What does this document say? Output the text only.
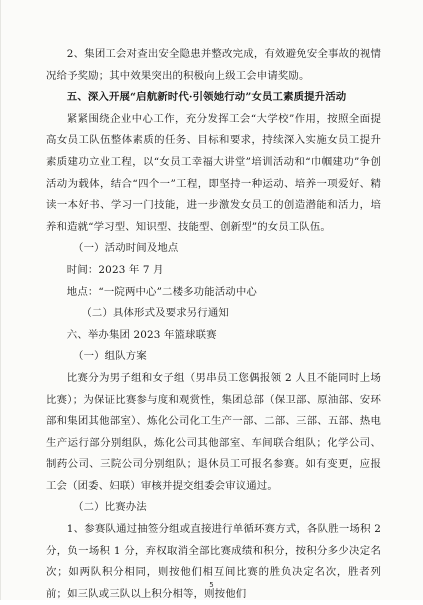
2、集团工会对查出安全隐患并整改完成，有效避免安全事故的视情况给予奖励；其中效果突出的积极向上级工会申请奖励。

五、深入开展“启航新时代·引领她行动”女员工素质提升活动

紧紧围绕企业中心工作，充分发挥工会“大学校”作用，按照全面提高女员工队伍整体素质的任务、目标和要求，持续深入实施女员工提升素质建功立业工程，以“女员工幸福大讲堂”培训活动和“巾帼建功”争创活动为载体，结合“四个一”工程，即坚持一种运动、培养一项爱好、精读一本好书、学习一门技能，进一步激发女员工的创造潜能和活力，培养和造就“学习型、知识型、技能型、创新型”的女员工队伍。

（一）活动时间及地点

时间：2023 年 7 月

地点：“一院两中心”二楼多功能活动中心

（二）具体形式及要求另行通知

六、举办集团 2023 年篮球联赛

（一）组队方案

比赛分为男子组和女子组（男串员工您偶报领 2 人且不能同时上场比赛）；为保证比赛参与度和观赏性，集团总部（保卫部、原油部、安环部和集团其他部室）、炼化公司化工生产一部、二部、三部、五部、热电生产运行部分别组队，炼化公司其他部室、车间联合组队；化学公司、制药公司、三院公司分别组队；退休员工可报名参赛。如有变更，应报工会（团委、妇联）审核并提交组委会审议通过。

（二）比赛办法

1、参赛队通过抽签分组或直接进行单循环赛方式，各队胜一场积 2 分，负一场积 1 分，弃权取消全部比赛成绩和积分，按积分多少决定名次；如两队积分相同，则按他们相互间比赛的胜负决定名次，胜者列前；如三队或三队以上积分相等，则按他们

5
